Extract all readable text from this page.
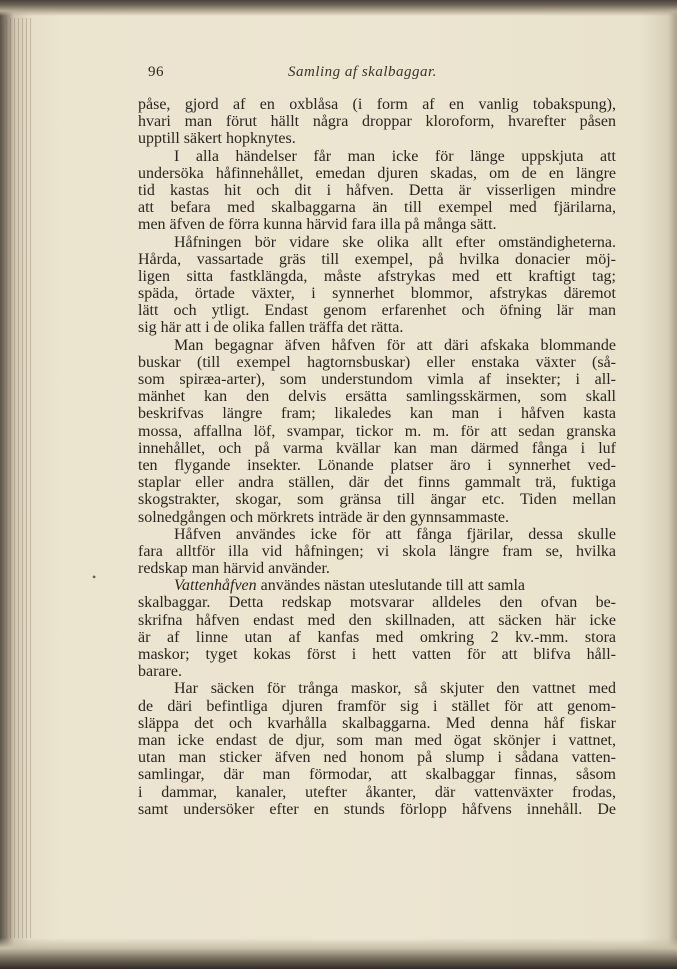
96	Samling af skalbaggar.
påse, gjord af en oxblåsa (i form af en vanlig tobakspung),
hvari man förut hällt några droppar kloroform, hvarefter påsen
upptill säkert hopknytes.
I alla händelser får man icke för länge uppskjuta att
undersöka håfinnehållet, emedan djuren skadas, om de en längre
tid kastas hit och dit i håfven. Detta är visserligen mindre
att befara med skalbaggarna än till exempel med fjärilarna,
men äfven de förra kunna härvid fara illa på många sätt.
Håfningen bör vidare ske olika allt efter omständigheterna.
Hårda, vassartade gräs till exempel, på hvilka donacier möj-
ligen sitta fastklängda, måste afstrykas med ett kraftigt tag;
späda, örtade växter, i synnerhet blommor, afstrykas däremot
lätt och ytligt. Endast genom erfarenhet och öfning lär man
sig här att i de olika fallen träffa det rätta.
Man begagnar äfven håfven för att däri afskaka blommande
buskar (till exempel hagtornsbuskar) eller enstaka växter (så-
som spiræa-arter), som understundom vimla af insekter; i all-
mänhet kan den delvis ersätta samlingsskärmen, som skall
beskrifvas längre fram; likaledes kan man i håfven kasta
mossa, affallna löf, svampar, tickor m. m. för att sedan granska
innehållet, och på varma kvällar kan man därmed fånga i luf
ten flygande insekter. Lönande platser äro i synnerhet ved-
staplar eller andra ställen, där det finns gammalt trä, fuktiga
skogstrakter, skogar, som gränsa till ängar etc. Tiden mellan
solnedgången och mörkrets inträde är den gynnsammaste.
Håfven användes icke för att fånga fjärilar, dessa skulle
fara alltför illa vid håfningen; vi skola längre fram se, hvilka
redskap man härvid använder.
Vattenhåfven användes nästan uteslutande till att samla
skalbaggar. Detta redskap motsvarar alldeles den ofvan be-
skrifna håfven endast med den skillnaden, att säcken här icke
är af linne utan af kanfas med omkring 2 kv.-mm. stora
maskor; tyget kokas först i hett vatten för att blifva håll-
barare.
Har säcken för trånga maskor, så skjuter den vattnet med
de däri befintliga djuren framför sig i stället för att genom-
släppa det och kvarhålla skalbaggarna. Med denna håf fiskar
man icke endast de djur, som man med ögat skönjer i vattnet,
utan man sticker äfven ned honom på slump i sådana vatten-
samlingar, där man förmodar, att skalbaggar finnas, såsom
i dammar, kanaler, utefter åkanter, där vattenväxter frodas,
samt undersöker efter en stunds förlopp håfvens innehåll. De
•
